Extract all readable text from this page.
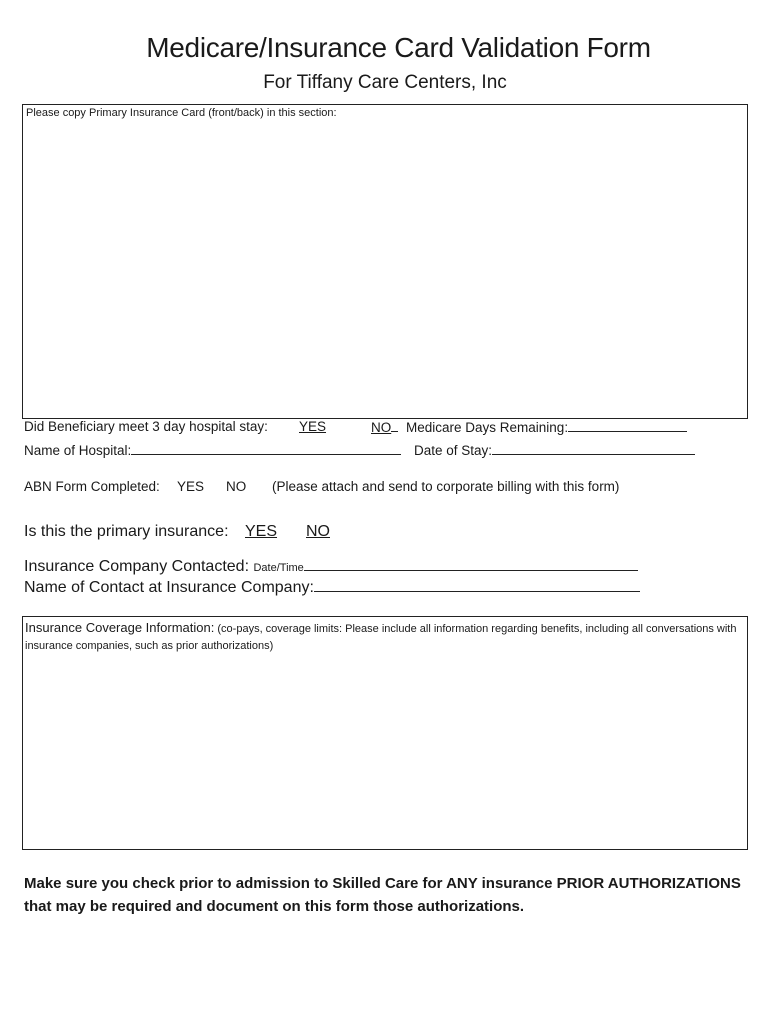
Medicare/Insurance Card Validation Form
For Tiffany Care Centers, Inc
Please copy Primary Insurance Card (front/back) in this section:
Did Beneficiary meet 3 day hospital stay: YES	NO	Medicare Days Remaining:
Name of Hospital:	Date of Stay:
ABN Form Completed: YES NO (Please attach and send to corporate billing with this form)
Is this the primary insurance: YES NO
Insurance Company Contacted: Date/Time
Name of Contact at Insurance Company:
Insurance Coverage Information: (co-pays, coverage limits: Please include all information regarding benefits, including all conversations with insurance companies, such as prior authorizations)
Make sure you check prior to admission to Skilled Care for ANY insurance PRIOR AUTHORIZATIONS that may be required and document on this form those authorizations.
